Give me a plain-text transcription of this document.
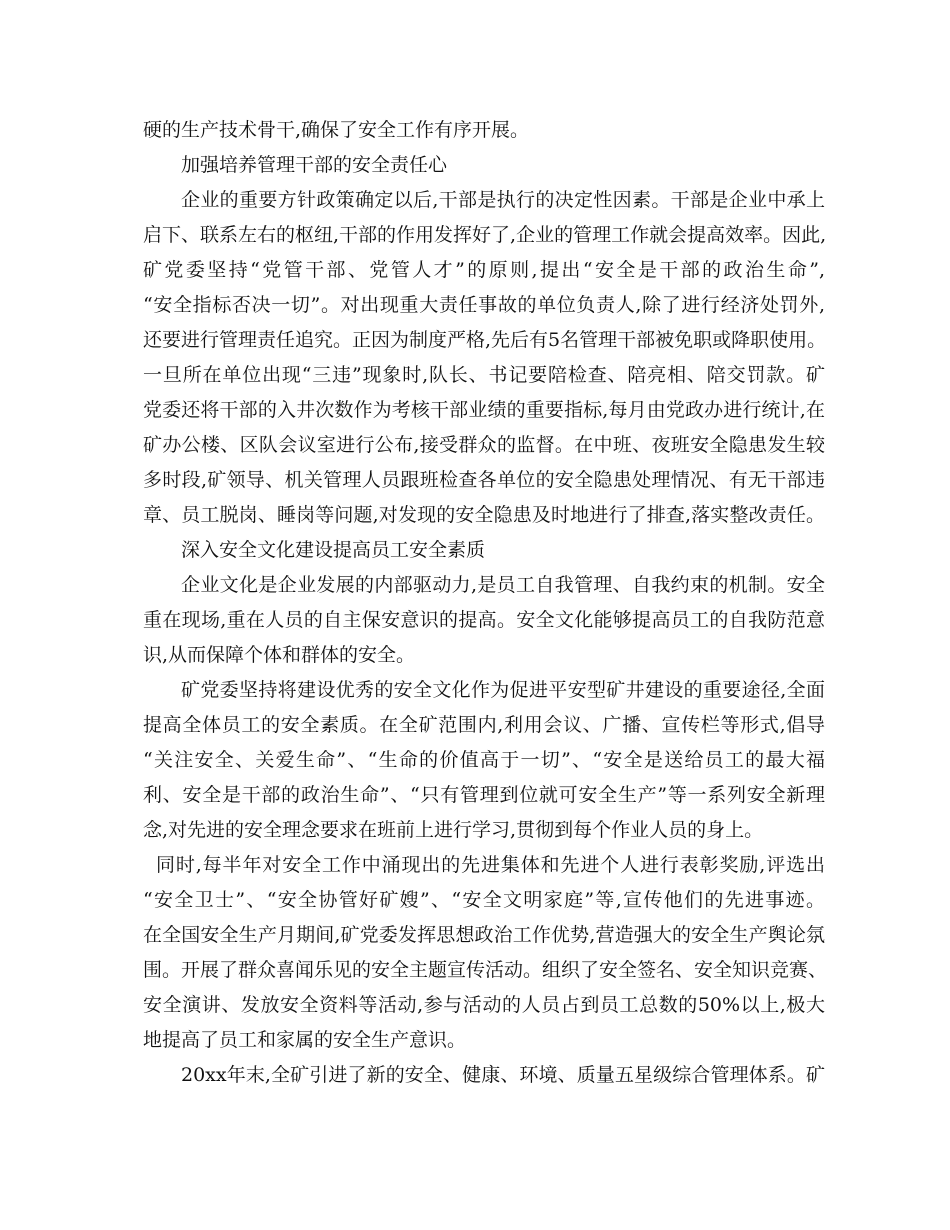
硬的生产技术骨干,确保了安全工作有序开展。
加强培养管理干部的安全责任心
企业的重要方针政策确定以后,干部是执行的决定性因素。干部是企业中承上
启下、联系左右的枢纽,干部的作用发挥好了,企业的管理工作就会提高效率。因此,
矿党委坚持“党管干部、党管人才”的原则,提出“安全是干部的政治生命”,
“安全指标否决一切”。对出现重大责任事故的单位负责人,除了进行经济处罚外,
还要进行管理责任追究。正因为制度严格,先后有5名管理干部被免职或降职使用。
一旦所在单位出现“三违”现象时,队长、书记要陪检查、陪亮相、陪交罚款。矿
党委还将干部的入井次数作为考核干部业绩的重要指标,每月由党政办进行统计,在
矿办公楼、区队会议室进行公布,接受群众的监督。在中班、夜班安全隐患发生较
多时段,矿领导、机关管理人员跟班检查各单位的安全隐患处理情况、有无干部违
章、员工脱岗、睡岗等问题,对发现的安全隐患及时地进行了排查,落实整改责任。
深入安全文化建设提高员工安全素质
企业文化是企业发展的内部驱动力,是员工自我管理、自我约束的机制。安全
重在现场,重在人员的自主保安意识的提高。安全文化能够提高员工的自我防范意
识,从而保障个体和群体的安全。
矿党委坚持将建设优秀的安全文化作为促进平安型矿井建设的重要途径,全面
提高全体员工的安全素质。在全矿范围内,利用会议、广播、宣传栏等形式,倡导
“关注安全、关爱生命”、“生命的价值高于一切”、“安全是送给员工的最大福
利、安全是干部的政治生命”、“只有管理到位就可安全生产”等一系列安全新理
念,对先进的安全理念要求在班前上进行学习,贯彻到每个作业人员的身上。
同时,每半年对安全工作中涌现出的先进集体和先进个人进行表彰奖励,评选出
“安全卫士”、“安全协管好矿嫂”、“安全文明家庭”等,宣传他们的先进事迹。
在全国安全生产月期间,矿党委发挥思想政治工作优势,营造强大的安全生产舆论氛
围。开展了群众喜闻乐见的安全主题宣传活动。组织了安全签名、安全知识竞赛、
安全演讲、发放安全资料等活动,参与活动的人员占到员工总数的50%以上,极大
地提高了员工和家属的安全生产意识。
20xx年末,全矿引进了新的安全、健康、环境、质量五星级综合管理体系。矿
